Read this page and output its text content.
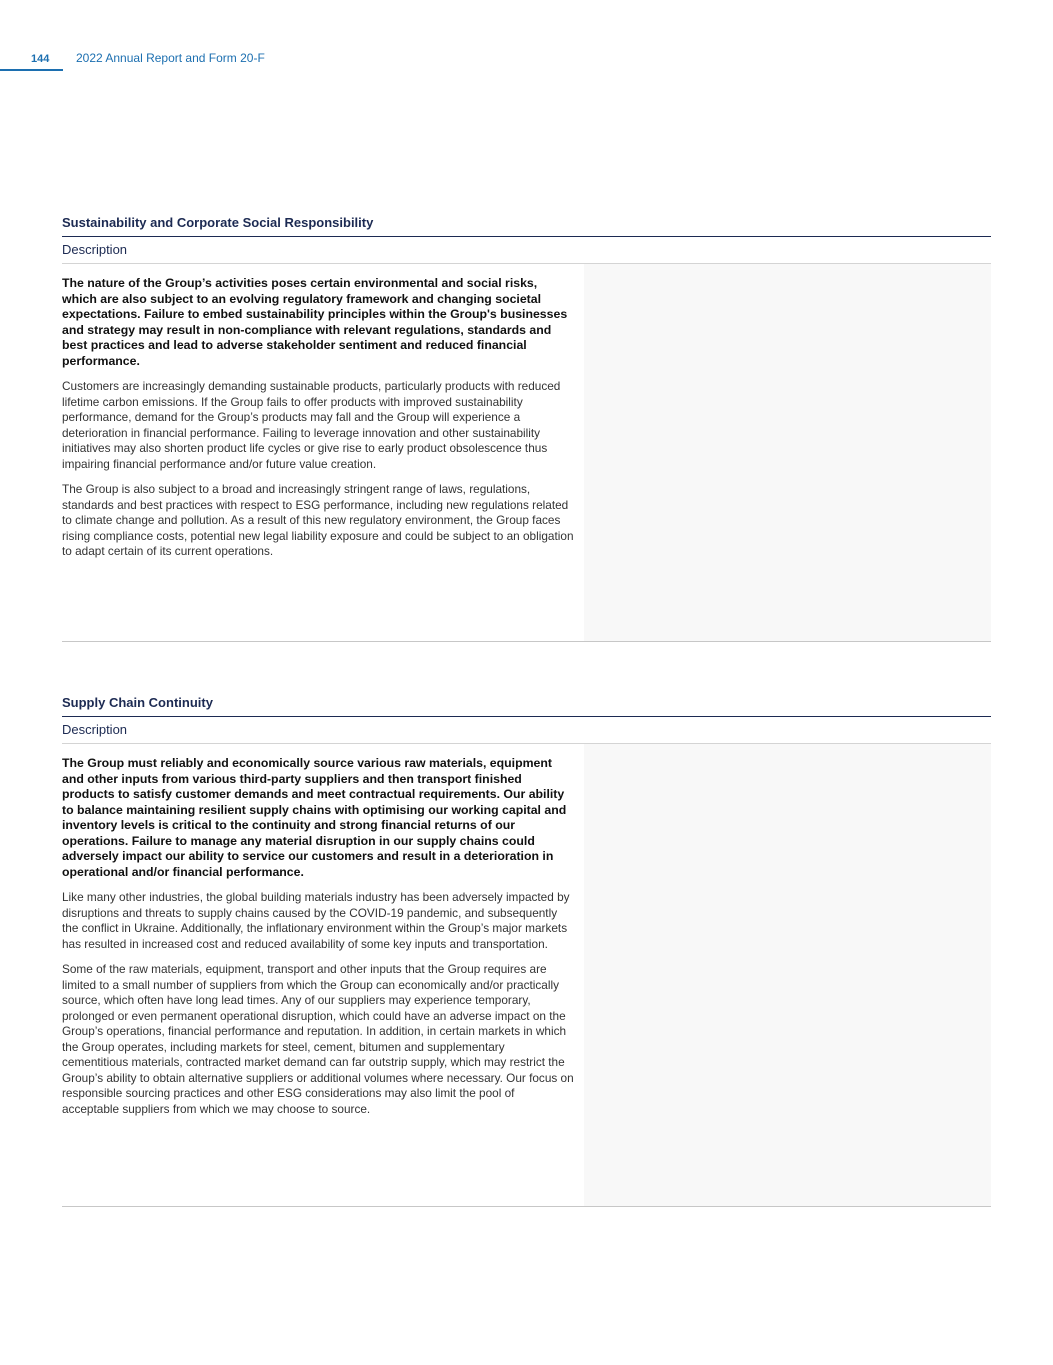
144 2022 Annual Report and Form 20-F
Sustainability and Corporate Social Responsibility
Description

The nature of the Group’s activities poses certain environmental and social risks, which are also subject to an evolving regulatory framework and changing societal expectations. Failure to embed sustainability principles within the Group's businesses and strategy may result in non-compliance with relevant regulations, standards and best practices and lead to adverse stakeholder sentiment and reduced financial performance.

Customers are increasingly demanding sustainable products, particularly products with reduced lifetime carbon emissions. If the Group fails to offer products with improved sustainability performance, demand for the Group’s products may fall and the Group will experience a deterioration in financial performance. Failing to leverage innovation and other sustainability initiatives may also shorten product life cycles or give rise to early product obsolescence thus impairing financial performance and/or future value creation.

The Group is also subject to a broad and increasingly stringent range of laws, regulations, standards and best practices with respect to ESG performance, including new regulations related to climate change and pollution. As a result of this new regulatory environment, the Group faces rising compliance costs, potential new legal liability exposure and could be subject to an obligation to adapt certain of its current operations.

Supply Chain Continuity
Description

The Group must reliably and economically source various raw materials, equipment and other inputs from various third-party suppliers and then transport finished products to satisfy customer demands and meet contractual requirements. Our ability to balance maintaining resilient supply chains with optimising our working capital and inventory levels is critical to the continuity and strong financial returns of our operations. Failure to manage any material disruption in our supply chains could adversely impact our ability to service our customers and result in a deterioration in operational and/or financial performance.

Like many other industries, the global building materials industry has been adversely impacted by disruptions and threats to supply chains caused by the COVID-19 pandemic, and subsequently the conflict in Ukraine. Additionally, the inflationary environment within the Group’s major markets has resulted in increased cost and reduced availability of some key inputs and transportation.

Some of the raw materials, equipment, transport and other inputs that the Group requires are limited to a small number of suppliers from which the Group can economically and/or practically source, which often have long lead times. Any of our suppliers may experience temporary, prolonged or even permanent operational disruption, which could have an adverse impact on the Group’s operations, financial performance and reputation. In addition, in certain markets in which the Group operates, including markets for steel, cement, bitumen and supplementary cementitious materials, contracted market demand can far outstrip supply, which may restrict the Group’s ability to obtain alternative suppliers or additional volumes where necessary. Our focus on responsible sourcing practices and other ESG considerations may also limit the pool of acceptable suppliers from which we may choose to source.
